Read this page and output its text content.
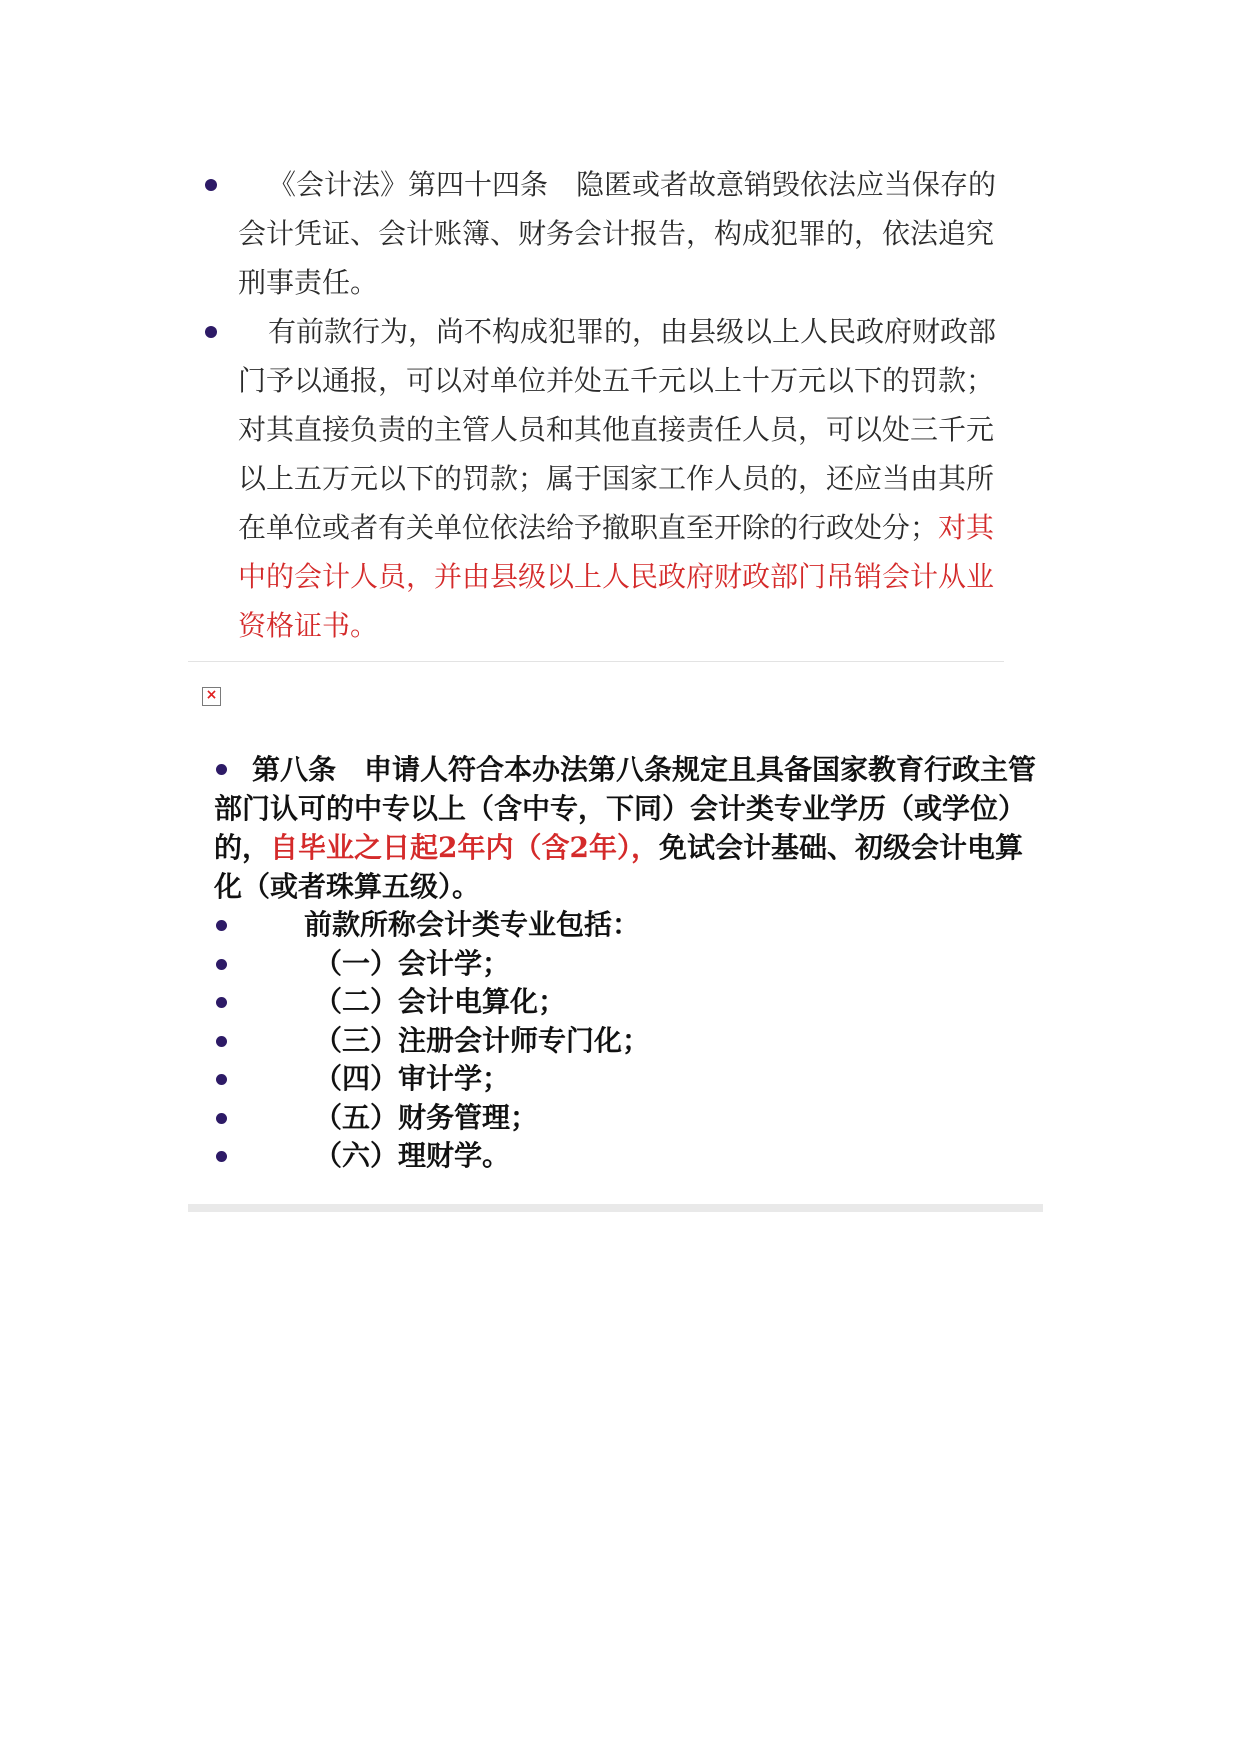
《会计法》第四十四条　隐匿或者故意销毁依法应当保存的会计凭证、会计账簿、财务会计报告，构成犯罪的，依法追究刑事责任。

有前款行为，尚不构成犯罪的，由县级以上人民政府财政部门予以通报，可以对单位并处五千元以上十万元以下的罚款；对其直接负责的主管人员和其他直接责任人员，可以处三千元以上五万元以下的罚款；属于国家工作人员的，还应当由其所在单位或者有关单位依法给予撤职直至开除的行政处分；对其中的会计人员，并由县级以上人民政府财政部门吊销会计从业资格证书。

×

第八条　申请人符合本办法第八条规定且具备国家教育行政主管部门认可的中专以上（含中专，下同）会计类专业学历（或学位）的，自毕业之日起2年内（含2年），免试会计基础、初级会计电算化（或者珠算五级）。

前款所称会计类专业包括：

（一）会计学；

（二）会计电算化；

（三）注册会计师专门化；

（四）审计学；

（五）财务管理；

（六）理财学。
